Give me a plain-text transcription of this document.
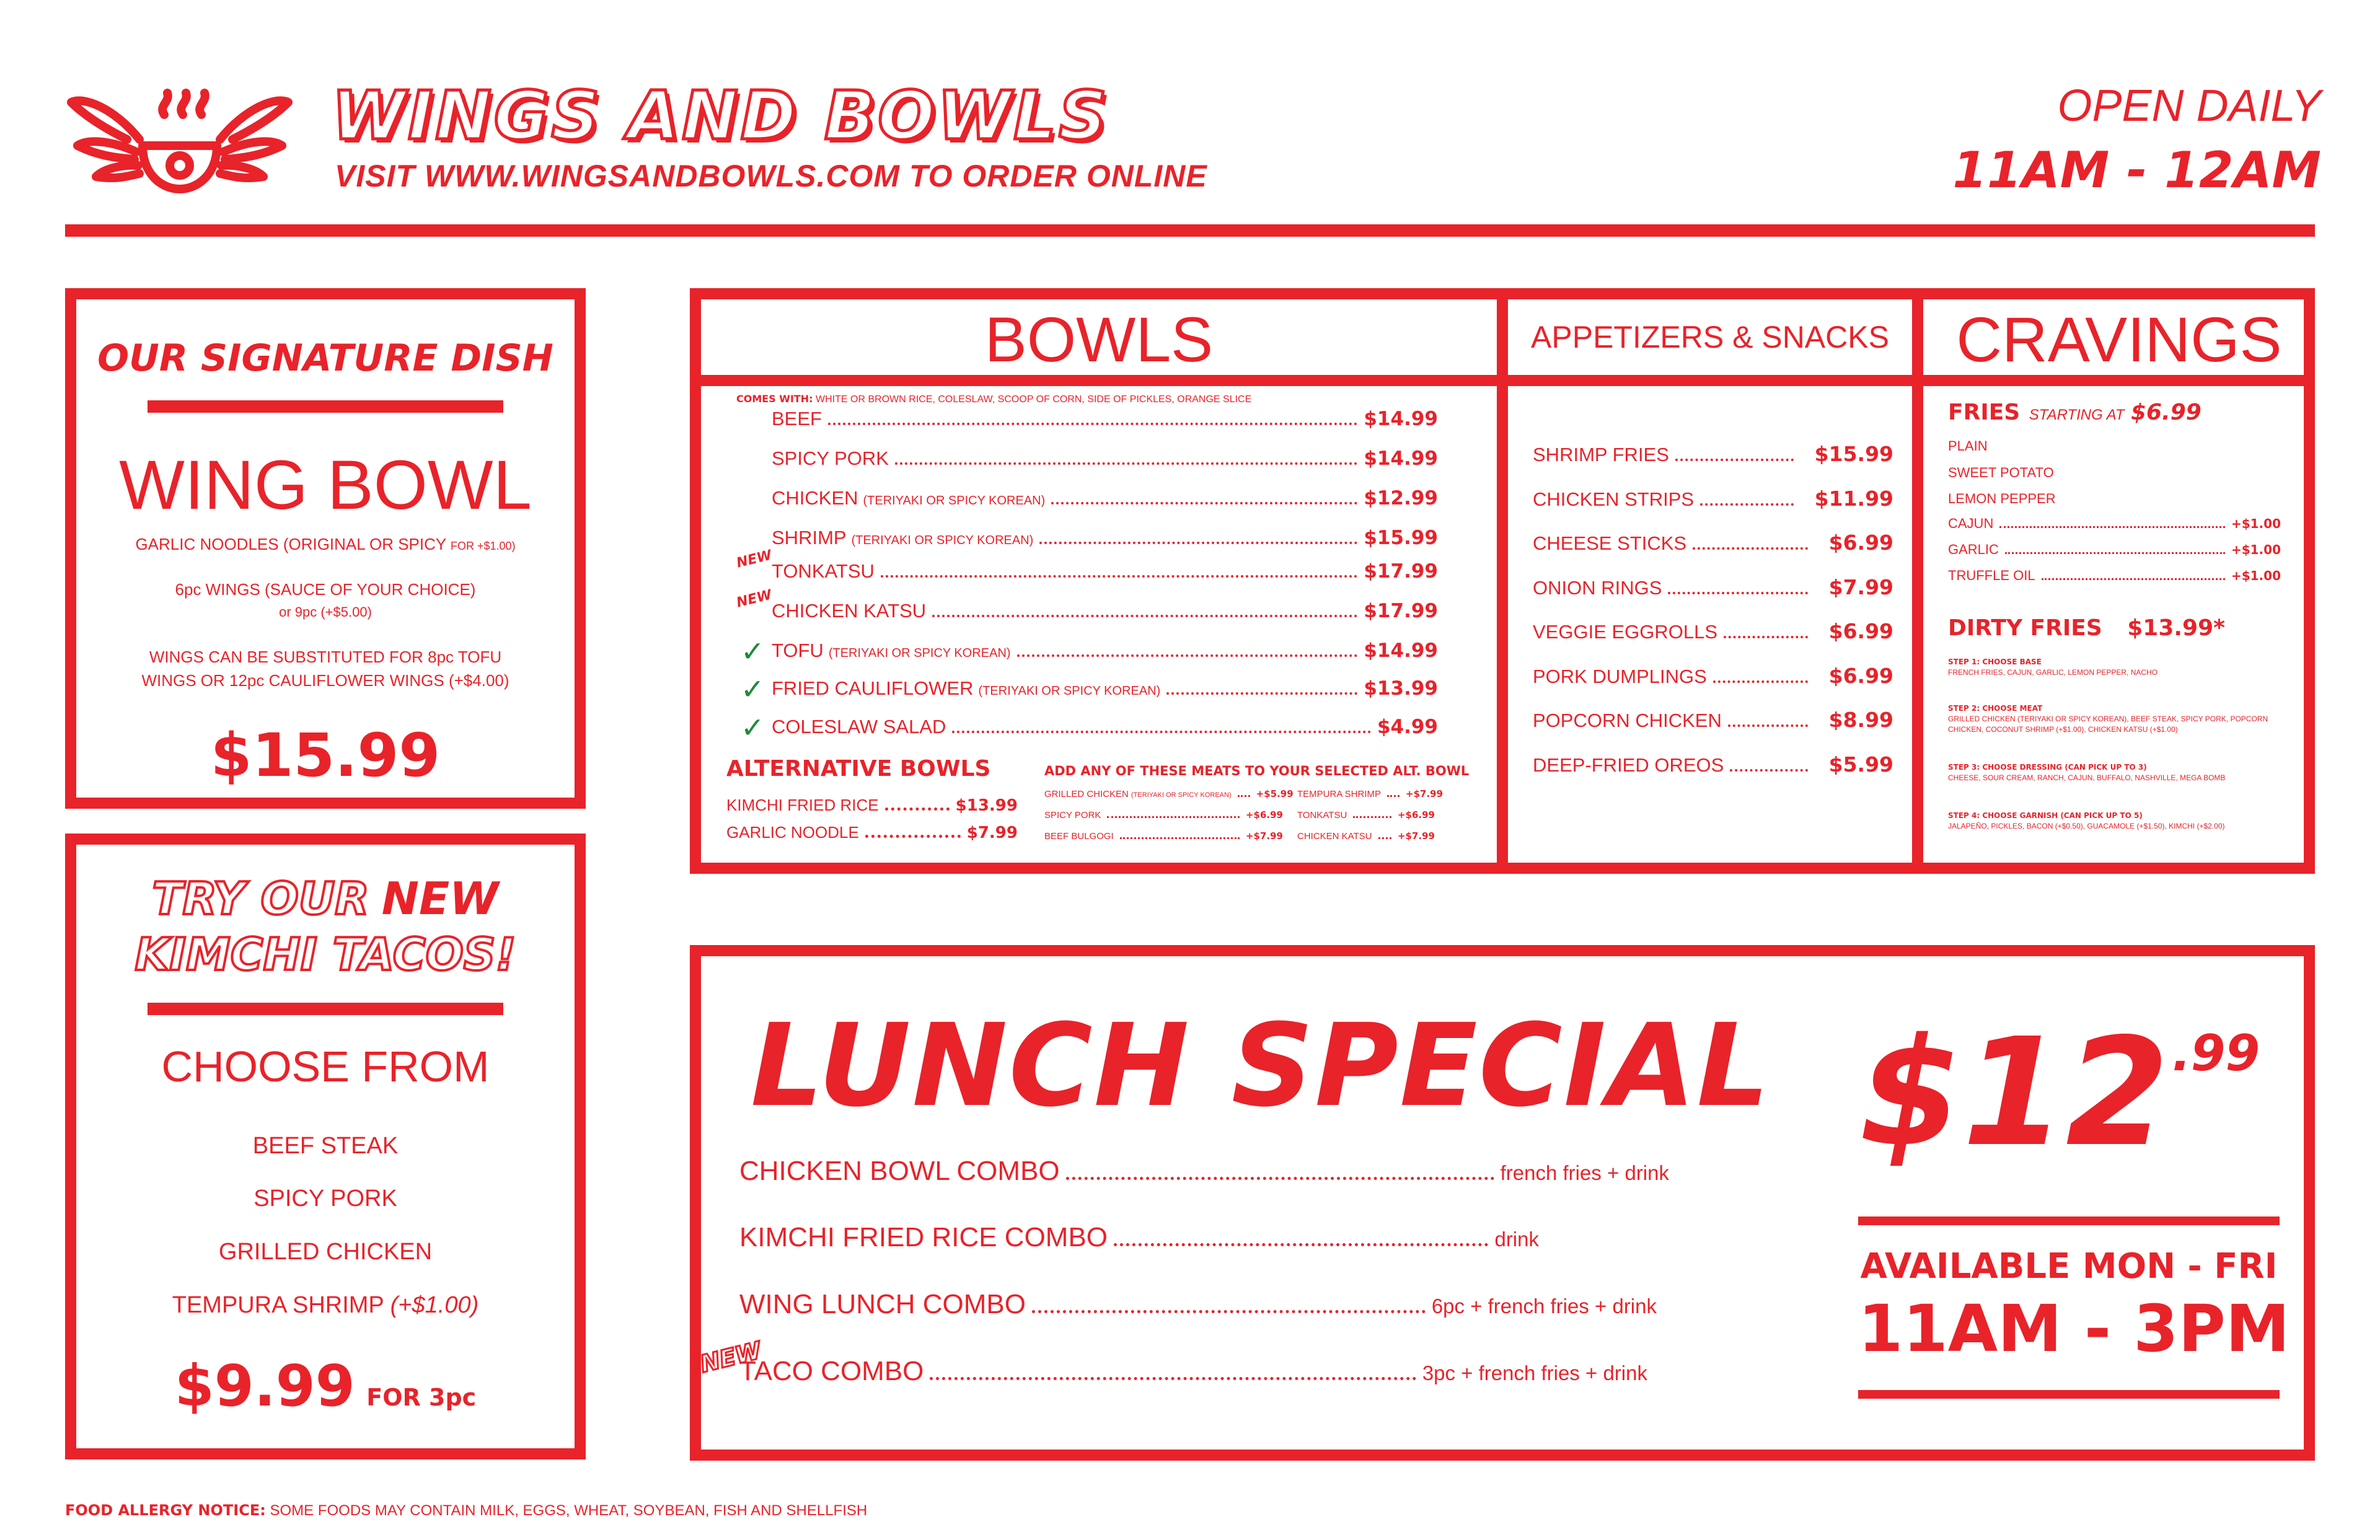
WINGS AND BOWLS
VISIT WWW.WINGSANDBOWLS.COM TO ORDER ONLINE
OPEN DAILY
11AM - 12AM
OUR SIGNATURE DISH
WING BOWL
GARLIC NOODLES (ORIGINAL OR SPICY FOR +$1.00)
6pc WINGS (SAUCE OF YOUR CHOICE)
or 9pc (+$5.00)
WINGS CAN BE SUBSTITUTED FOR 8pc TOFU
WINGS OR 12pc CAULIFLOWER WINGS (+$4.00)
$15.99
TRY OUR NEW
KIMCHI TACOS!
CHOOSE FROM
BEEF STEAK
SPICY PORK
GRILLED CHICKEN
TEMPURA SHRIMP (+$1.00)
$9.99 FOR 3pc
BOWLS
COMES WITH: WHITE OR BROWN RICE, COLESLAW, SCOOP OF CORN, SIDE OF PICKLES, ORANGE SLICE
BEEF	$14.99
SPICY PORK	$14.99
CHICKEN (TERIYAKI OR SPICY KOREAN)	$12.99
SHRIMP (TERIYAKI OR SPICY KOREAN)	$15.99
TONKATSU	$17.99
NEW
CHICKEN KATSU	$17.99
NEW
TOFU (TERIYAKI OR SPICY KOREAN)	$14.99
✓
FRIED CAULIFLOWER (TERIYAKI OR SPICY KOREAN)	$13.99
✓
COLESLAW SALAD	$4.99
✓
ALTERNATIVE BOWLS
KIMCHI FRIED RICE	$13.99
GARLIC NOODLE	$7.99
ADD ANY OF THESE MEATS TO YOUR SELECTED ALT. BOWL
GRILLED CHICKEN
(TERIYAKI OR SPICY KOREAN)	+$5.99
SPICY PORK	+$6.99
BEEF BULGOGI	+$7.99
TEMPURA SHRIMP	+$7.99
TONKATSU	+$6.99
CHICKEN KATSU	+$7.99
APPETIZERS & SNACKS
SHRIMP FRIES	$15.99
CHICKEN STRIPS	$11.99
CHEESE STICKS	$6.99
ONION RINGS	$7.99
VEGGIE EGGROLLS	$6.99
PORK DUMPLINGS	$6.99
POPCORN CHICKEN	$8.99
DEEP-FRIED OREOS	$5.99
CRAVINGS
FRIES STARTING AT $6.99
PLAIN
SWEET POTATO
LEMON PEPPER
CAJUN	+$1.00
GARLIC	+$1.00
TRUFFLE OIL	+$1.00
DIRTY FRIES $13.99*
STEP 1: CHOOSE BASE
FRENCH FRIES, CAJUN, GARLIC, LEMON PEPPER, NACHO
STEP 2: CHOOSE MEAT
GRILLED CHICKEN (TERIYAKI OR SPICY KOREAN), BEEF STEAK, SPICY PORK, POPCORN CHICKEN, COCONUT SHRIMP (+$1.00), CHICKEN KATSU (+$1.00)
STEP 3: CHOOSE DRESSING (CAN PICK UP TO 3)
CHEESE, SOUR CREAM, RANCH, CAJUN, BUFFALO, NASHVILLE, MEGA BOMB
STEP 4: CHOOSE GARNISH (CAN PICK UP TO 5)
JALAPEÑO, PICKLES, BACON (+$0.50), GUACAMOLE (+$1.50), KIMCHI (+$2.00)
LUNCH SPECIAL $12 .99
AVAILABLE MON - FRI
11AM - 3PM
NEW
CHICKEN BOWL COMBO	french fries + drink
KIMCHI FRIED RICE COMBO	drink
WING LUNCH COMBO	6pc + french fries + drink
TACO COMBO	3pc + french fries + drink
FOOD ALLERGY NOTICE: SOME FOODS MAY CONTAIN MILK, EGGS, WHEAT, SOYBEAN, FISH AND SHELLFISH
